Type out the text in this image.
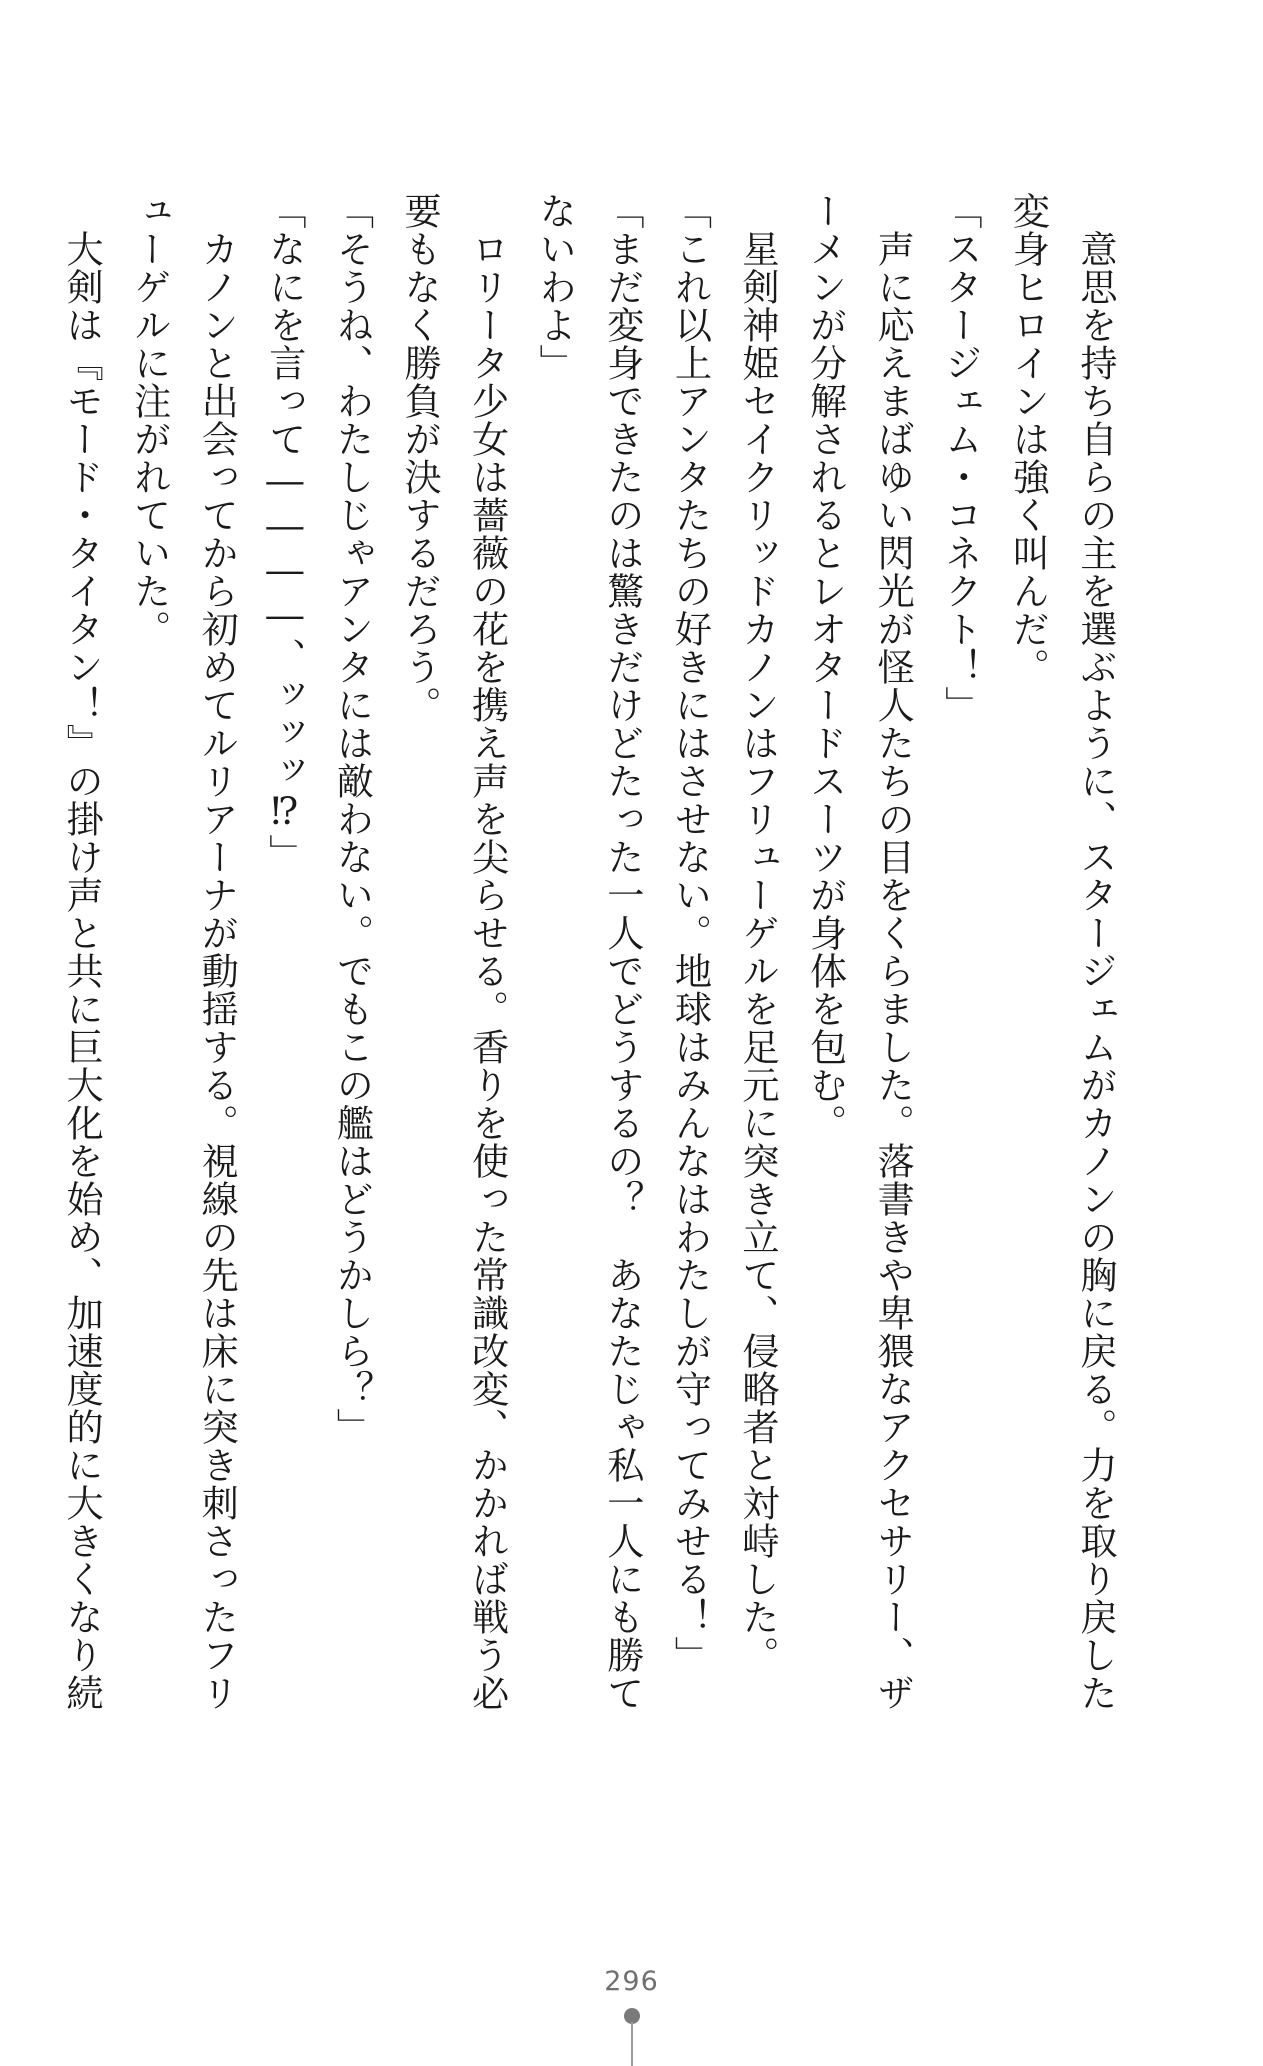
　意思を持ち自らの主を選ぶように、スタージェムがカノンの胸に戻る。力を取り戻した
変身ヒロインは強く叫んだ。
「スタージェム・コネクト！」
　声に応えまばゆい閃光が怪人たちの目をくらました。落書きや卑猥なアクセサリー、ザ
ーメンが分解されるとレオタードスーツが身体を包む。
　星剣神姫セイクリッドカノンはフリューゲルを足元に突き立て、侵略者と対峙した。
「これ以上アンタたちの好きにはさせない。地球はみんなはわたしが守ってみせる！」
「まだ変身できたのは驚きだけどたった一人でどうするの？　あなたじゃ私一人にも勝て
ないわよ」
　ロリータ少女は薔薇の花を携え声を尖らせる。香りを使った常識改変、かかれば戦う必
要もなく勝負が決するだろう。
「そうね、わたしじゃアンタには敵わない。でもこの艦はどうかしら？」
「なにを言って――――、ッッッ⁉」
　カノンと出会ってから初めてルリアーナが動揺する。視線の先は床に突き刺さったフリ
ューゲルに注がれていた。
　大剣は『モード・タイタン！』の掛け声と共に巨大化を始め、加速度的に大きくなり続
296
